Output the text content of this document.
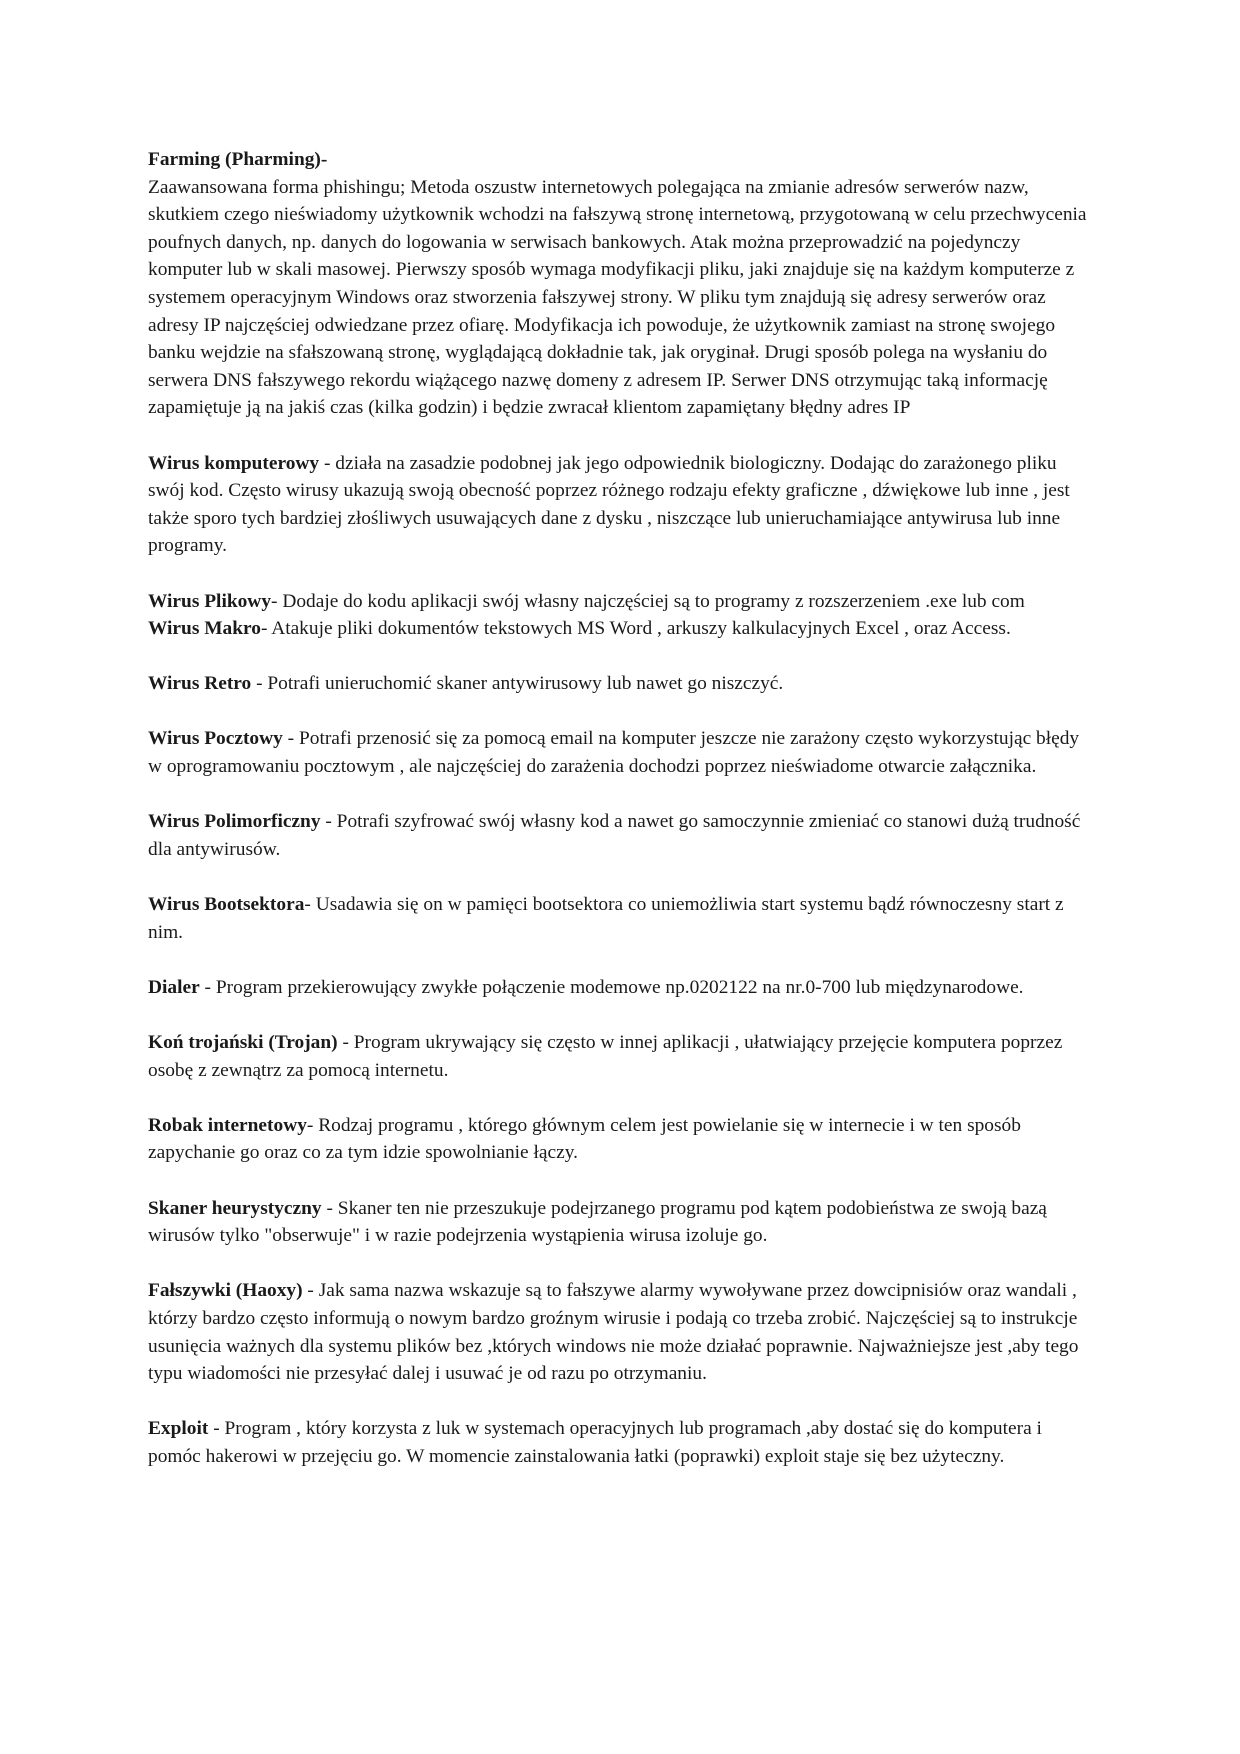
Farming (Pharming)-
Zaawansowana forma phishingu; Metoda oszustw internetowych polegająca na zmianie adresów serwerów nazw, skutkiem czego nieświadomy użytkownik wchodzi na fałszywą stronę internetową, przygotowaną w celu przechwycenia poufnych danych, np. danych do logowania w serwisach bankowych. Atak można przeprowadzić na pojedynczy komputer lub w skali masowej. Pierwszy sposób wymaga modyfikacji pliku, jaki znajduje się na każdym komputerze z systemem operacyjnym Windows oraz stworzenia fałszywej strony. W pliku tym znajdują się adresy serwerów oraz adresy IP najczęściej odwiedzane przez ofiarę. Modyfikacja ich powoduje, że użytkownik zamiast na stronę swojego banku wejdzie na sfałszowaną stronę, wyglądającą dokładnie tak, jak oryginał. Drugi sposób polega na wysłaniu do serwera DNS fałszywego rekordu wiążącego nazwę domeny z adresem IP. Serwer DNS otrzymując taką informację zapamiętuje ją na jakiś czas (kilka godzin) i będzie zwracał klientom zapamiętany błędny adres IP
Wirus komputerowy - działa na zasadzie podobnej jak jego odpowiednik biologiczny. Dodając do zarażonego pliku swój kod. Często wirusy ukazują swoją obecność poprzez różnego rodzaju efekty graficzne , dźwiękowe lub inne , jest także sporo tych bardziej złośliwych usuwających dane z dysku , niszczące lub unieruchamiające antywirusa lub inne programy.
Wirus Plikowy- Dodaje do kodu aplikacji swój własny najczęściej są to programy z rozszerzeniem .exe lub com
Wirus Makro- Atakuje pliki dokumentów tekstowych MS Word , arkuszy kalkulacyjnych Excel , oraz Access.
Wirus Retro - Potrafi unieruchomić skaner antywirusowy lub nawet go niszczyć.
Wirus Pocztowy - Potrafi przenosić się za pomocą email na komputer jeszcze nie zarażony często wykorzystując błędy w oprogramowaniu pocztowym , ale najczęściej do zarażenia dochodzi poprzez nieświadome otwarcie załącznika.
Wirus Polimorficzny - Potrafi szyfrować swój własny kod a nawet go samoczynnie zmieniać co stanowi dużą trudność dla antywirusów.
Wirus Bootsektora- Usadawia się on w pamięci bootsektora co uniemożliwia start systemu bądź równoczesny start z nim.
Dialer - Program przekierowujący zwykłe połączenie modemowe np.0202122 na nr.0-700 lub międzynarodowe.
Koń trojański (Trojan) - Program ukrywający się często w innej aplikacji , ułatwiający przejęcie komputera poprzez osobę z zewnątrz za pomocą internetu.
Robak internetowy- Rodzaj programu , którego głównym celem jest powielanie się w internecie i w ten sposób zapychanie go oraz co za tym idzie spowolnianie łączy.
Skaner heurystyczny - Skaner ten nie przeszukuje podejrzanego programu pod kątem podobieństwa ze swoją bazą wirusów tylko "obserwuje" i w razie podejrzenia wystąpienia wirusa izoluje go.
Fałszywki (Haoxy) - Jak sama nazwa wskazuje są to fałszywe alarmy wywoływane przez dowcipnisiów oraz wandali , którzy bardzo często informują o nowym bardzo groźnym wirusie i podają co trzeba zrobić. Najczęściej są to instrukcje usunięcia ważnych dla systemu plików bez ,których windows nie może działać poprawnie. Najważniejsze jest ,aby tego typu wiadomości nie przesyłać dalej i usuwać je od razu po otrzymaniu.
Exploit - Program , który korzysta z luk w systemach operacyjnych lub programach ,aby dostać się do komputera i pomóc hakerowi w przejęciu go. W momencie zainstalowania łatki (poprawki) exploit staje się bez użyteczny.
